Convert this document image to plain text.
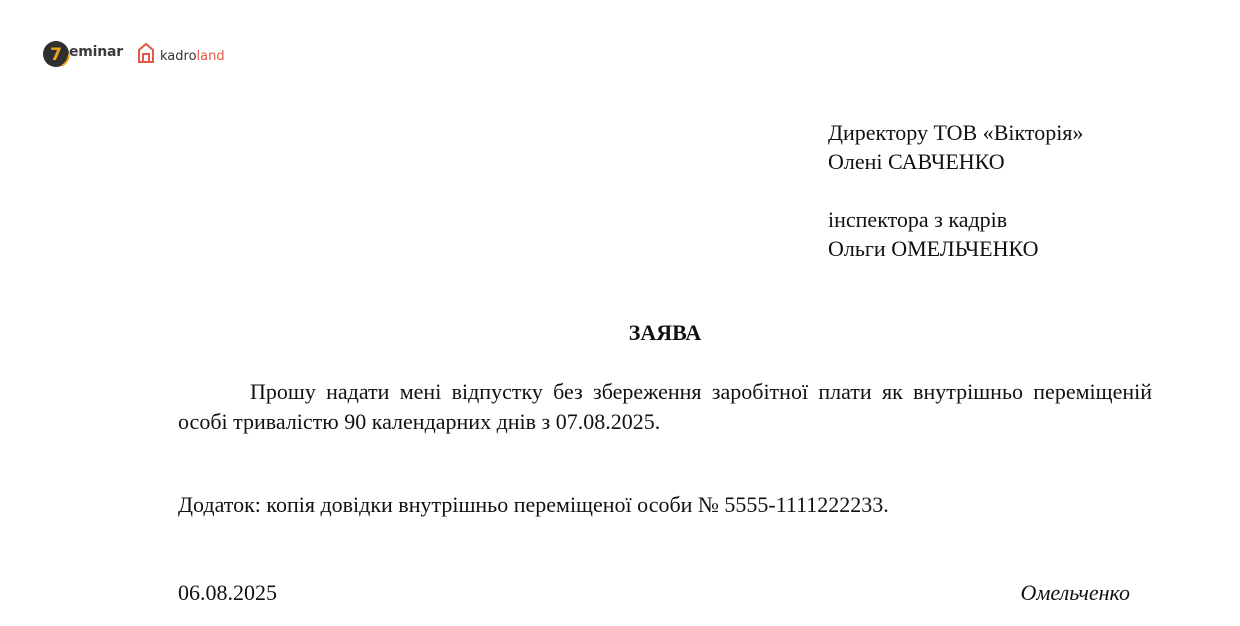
7 eminar	kadroland

Директору ТОВ «Вікторія»

Олені САВЧЕНКО

інспектора з кадрів

Ольги ОМЕЛЬЧЕНКО

ЗАЯВА

Прошу надати мені відпустку без збереження заробітної плати як внутрішньо переміщеній особі тривалістю 90 календарних днів з 07.08.2025.

Додаток: копія довідки внутрішньо переміщеної особи № 5555-1111222233.

06.08.2025	Омельченко
